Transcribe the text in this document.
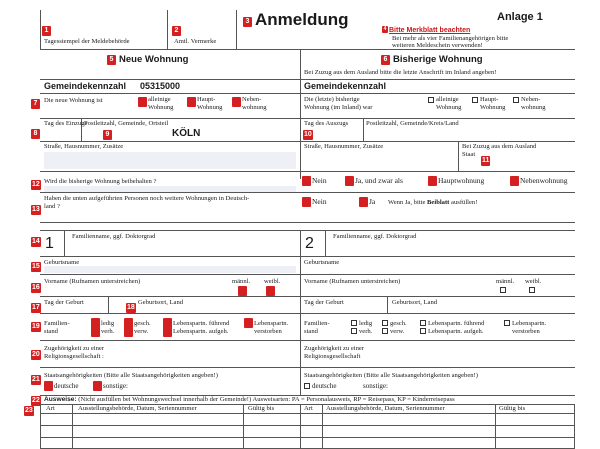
1
Tagesstempel der Meldebehörde
2
Amtl. Vermerke
3 Anmeldung	Anlage 1
4 Bitte Merkblatt beachten
Bei mehr als vier Familienangehörigen bitte
weiteren Meldeschein verwenden!
5 Neue Wohnung
Gemeindekennzahl 05315000
7 Die neue Wohnung ist	alleinige
Wohnung
Haupt-
Wohnung
Neben-
wohnung
8
Tag des Einzugs
Postleitzahl, Gemeinde, Ortsteil
9	KÖLN
Straße, Hausnummer, Zusätze
6 Bisherige Wohnung
Bei Zuzug aus dem Ausland bitte die letzte Anschrift im Inland angeben!
Gemeindekennzahl
Die (letzte) bisherige
Wohnung (im Inland) war
alleinige
Wohnung
Haupt-
Wohnung
Neben-
wohnung
Tag des Auszugs
10
Postleitzahl, Gemeinde/Kreis/Land
Straße, Hausnummer, Zusätze	Bei Zuzug aus dem Ausland
Staat
11
12 Wird die bisherige Wohnung beibehalten ?	Nein	Ja, und zwar als	Hauptwohnung	Nebenwohnung
13
Haben die unten aufgeführten Personen noch weitere Wohnungen in Deutsch-
land ?
Nein	Ja Wenn Ja, bitte Beiblatt ausfüllen!
14
15
16
17	18
19
20
21
1	Familienname, ggf. Doktorgrad
Geburtsname
Vorname (Rufnamen unterstreichen)	männl. weibl.
Tag der Geburt	Geburtsort, Land
Familien-
stand
ledig
verh.
gesch.
verw.
Lebenspartn. führend
Lebenspartn. aufgeh.
Lebenspartn.
verstorben
Zugehörigkeit zu einer
Religionsgesellschaft :
Staatsangehörigkeiten (Bitte alle Staatsangehörigkeiten angeben!)
deutsche	sonstige:
2	Familienname, ggf. Doktorgrad
Geburtsname
Vorname (Rufnamen unterstreichen)	männl. weibl.
Tag der Geburt	Geburtsort, Land
Familien-
stand
ledig
verh.
gesch.
verw.
Lebenspartn. führend
Lebenspartn. aufgeh.
Lebenspartn.
verstorben
Zugehörigkeit zu einer
Religionsgesellschaft
Staatsangehörigkeiten (Bitte alle Staatsangehörigkeiten angeben!)
deutsche	sonstige:
22
23
Ausweise: (Nicht ausfüllen bei Wohnungswechsel innerhalb der Gemeinde!) Ausweisarten: PA = Personalausweis, RP = Reisepass, KP = Kinderreisepass
Art	Ausstellungsbehörde, Datum, Seriennummer	Gültig bis	Art Ausstellungsbehörde, Datum, Seriennummer	Gültig bis
